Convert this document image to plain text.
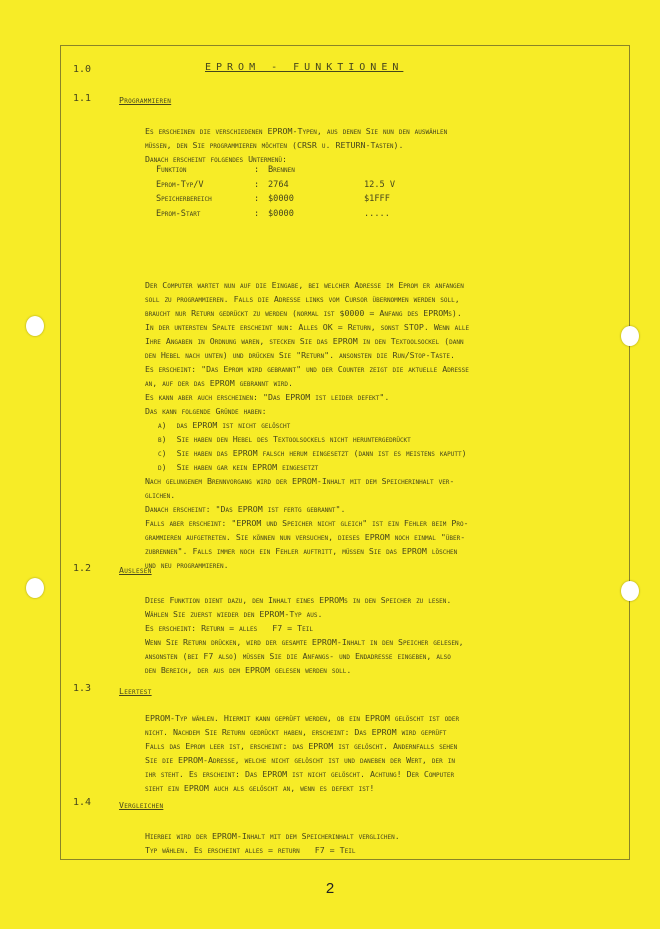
1.0	EPROM - FUNKTIONEN
1.1	Programmieren

Es erscheinen die verschiedenen EPROM-Typen, aus denen Sie nun den auswählen
müssen, den Sie programmieren möchten (CRSR u. RETURN-Tasten).
Danach erscheint folgendes Untermenü:

Funktion	:	Brennen	
Eprom-Typ/V	:	2764	12.5 V
Speicherbereich	:	$0000	$1FFF
Eprom-Start	:	$0000	.....

Der Computer wartet nun auf die Eingabe, bei welcher Adresse im Eprom er anfangen
soll zu programmieren. Falls die Adresse links vom Cursor übernommen werden soll,
braucht nur Return gedrückt zu werden (normal ist $0000 = Anfang des EPROMs).
In der untersten Spalte erscheint nun: Alles OK = Return, sonst STOP. Wenn alle
Ihre Angaben in Ordnung waren, stecken Sie das EPROM in den Textoolsockel (dann
den Hebel nach unten) und drücken Sie "Return". ansonsten die Run/Stop-Taste.
Es erscheint: "Das Eprom wird gebrannt" und der Counter zeigt die aktuelle Adresse
an, auf der das EPROM gebrannt wird.
Es kann aber auch erscheinen: "Das EPROM ist leider defekt".
Das kann folgende Gründe haben:

a)  das EPROM ist nicht gelöscht
b)  Sie haben den Hebel des Textoolsockels nicht heruntergedrückt
c)  Sie haben das EPROM falsch herum eingesetzt (dann ist es meistens kaputt)
d)  Sie haben gar kein EPROM eingesetzt

Nach gelungenem Brennvorgang wird der EPROM-Inhalt mit dem Speicherinhalt ver-
glichen.
Danach erscheint: "Das EPROM ist fertg gebrannt".
Falls aber erscheint: "EPROM und Speicher nicht gleich" ist ein Fehler beim Pro-
grammieren aufgetreten. Sie können nun versuchen, dieses EPROM noch einmal "über-
zubrennen". Falls immer noch ein Fehler auftritt, müssen Sie das EPROM löschen
und neu programmieren.

1.2	Auslesen

Diese Funktion dient dazu, den Inhalt eines EPROMs in den Speicher zu lesen.
Wählen Sie zuerst wieder den EPROM-Typ aus.
Es erscheint: Return = alles   F7 = Teil
Wenn Sie Return drücken, wird der gesamte EPROM-Inhalt in den Speicher gelesen,
ansonsten (bei F7 also) müssen Sie die Anfangs- und Endadresse eingeben, also
den Bereich, der aus dem EPROM gelesen werden soll.

1.3	Leertest

EPROM-Typ wählen. Hiermit kann geprüft werden, ob ein EPROM gelöscht ist oder
nicht. Nachdem Sie Return gedrückt haben, erscheint: Das EPROM wird geprüft
Falls das Eprom leer ist, erscheint: das EPROM ist gelöscht. Andernfalls sehen
Sie die EPROM-Adresse, welche nicht gelöscht ist und daneben der Wert, der in
ihr steht. Es erscheint: Das EPROM ist nicht gelöscht. Achtung! Der Computer
sieht ein EPROM auch als gelöscht an, wenn es defekt ist!

1.4	Vergleichen

Hierbei wird der EPROM-Inhalt mit dem Speicherinhalt verglichen.
Typ wählen. Es erscheint alles = return   F7 = Teil

2
